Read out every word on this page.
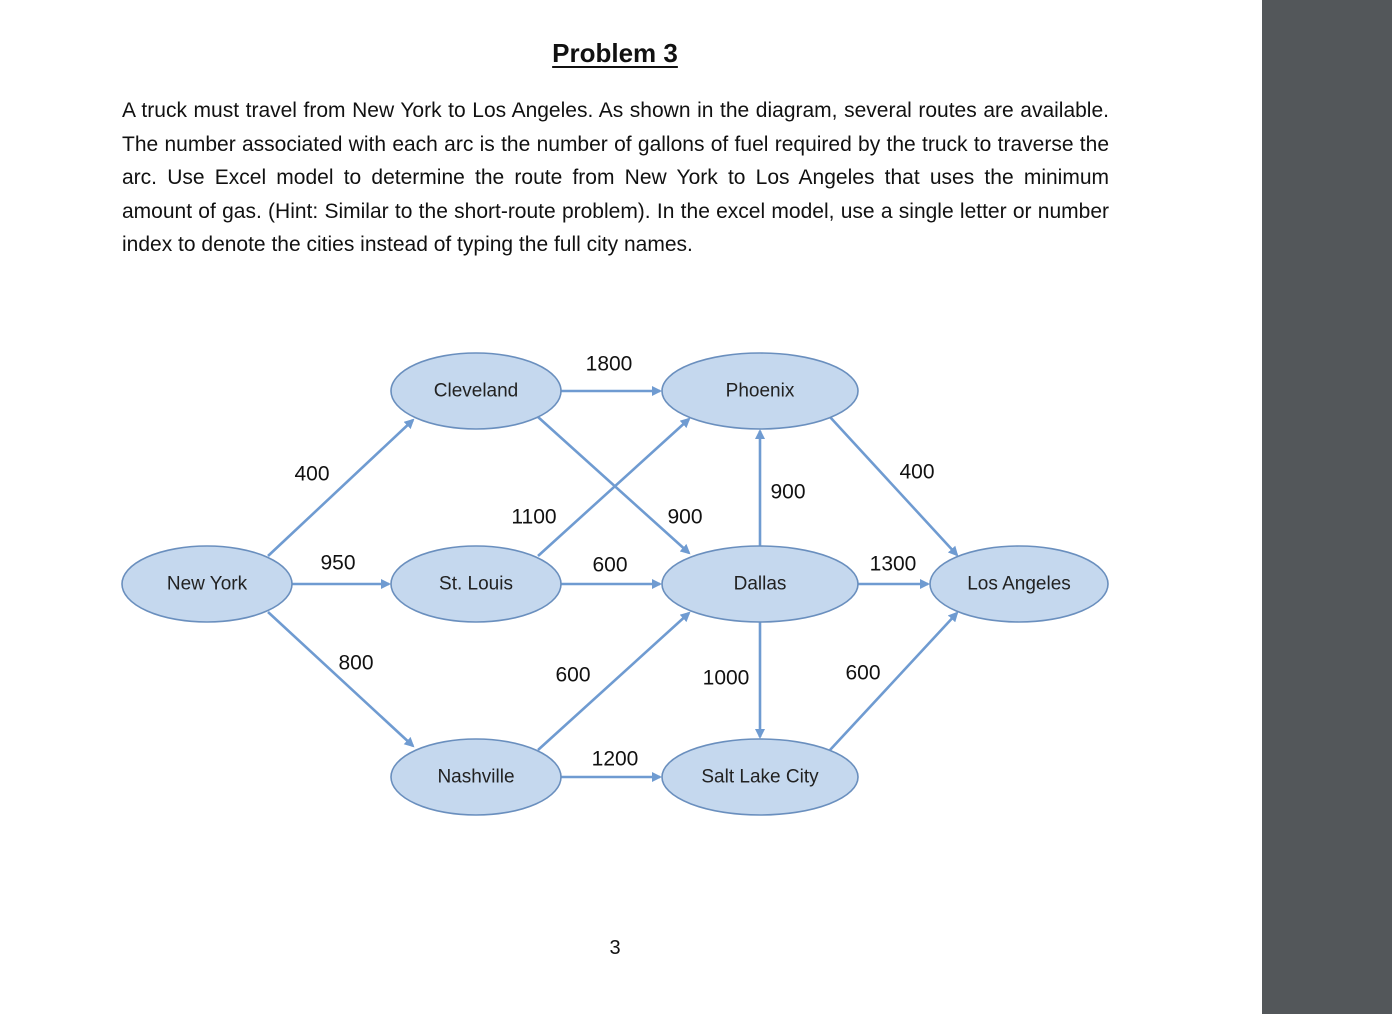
Problem 3

A truck must travel from New York to Los Angeles. As shown in the diagram, several routes are available. The number associated with each arc is the number of gallons of fuel required by the truck to traverse the arc. Use Excel model to determine the route from New York to Los Angeles that uses the minimum amount of gas. (Hint: Similar to the short-route problem). In the excel model, use a single letter or number index to denote the cities instead of typing the full city names.

400
950
800
1800
900
1100
600
600
1200
900
1000
400
1300
600
New York
Cleveland
St. Louis
Nashville
Phoenix
Dallas
Salt Lake City
Los Angeles
3
